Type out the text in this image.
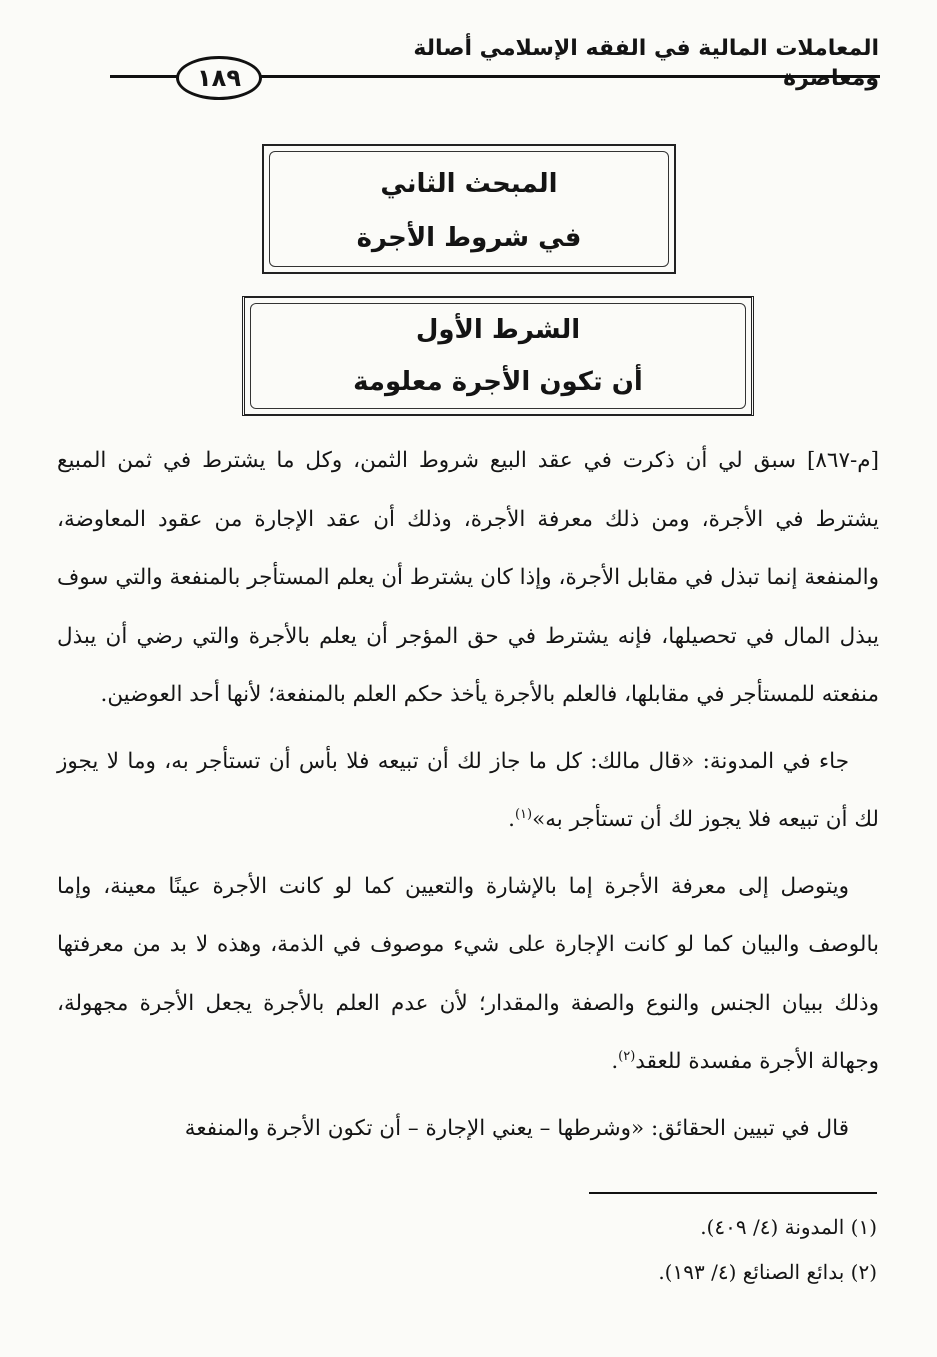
المعاملات المالية في الفقه الإسلامي أصالة ومعاصرة
١٨٩
المبحث الثاني
في شروط الأجرة
الشرط الأول
أن تكون الأجرة معلومة

[م-٨٦٧] سبق لي أن ذكرت في عقد البيع شروط الثمن، وكل ما يشترط في ثمن المبيع يشترط في الأجرة، ومن ذلك معرفة الأجرة، وذلك أن عقد الإجارة من عقود المعاوضة، والمنفعة إنما تبذل في مقابل الأجرة، وإذا كان يشترط أن يعلم المستأجر بالمنفعة والتي سوف يبذل المال في تحصيلها، فإنه يشترط في حق المؤجر أن يعلم بالأجرة والتي رضي أن يبذل منفعته للمستأجر في مقابلها، فالعلم بالأجرة يأخذ حكم العلم بالمنفعة؛ لأنها أحد العوضين.

جاء في المدونة: «قال مالك: كل ما جاز لك أن تبيعه فلا بأس أن تستأجر به، وما لا يجوز لك أن تبيعه فلا يجوز لك أن تستأجر به»$^{(١)}$.

ويتوصل إلى معرفة الأجرة إما بالإشارة والتعيين كما لو كانت الأجرة عينًا معينة، وإما بالوصف والبيان كما لو كانت الإجارة على شيء موصوف في الذمة، وهذه لا بد من معرفتها وذلك ببيان الجنس والنوع والصفة والمقدار؛ لأن عدم العلم بالأجرة يجعل الأجرة مجهولة، وجهالة الأجرة مفسدة للعقد$^{(٢)}$.

قال في تبيين الحقائق: «وشرطها – يعني الإجارة – أن تكون الأجرة والمنفعة

(١) المدونة (٤/ ٤٠٩).

(٢) بدائع الصنائع (٤/ ١٩٣).
